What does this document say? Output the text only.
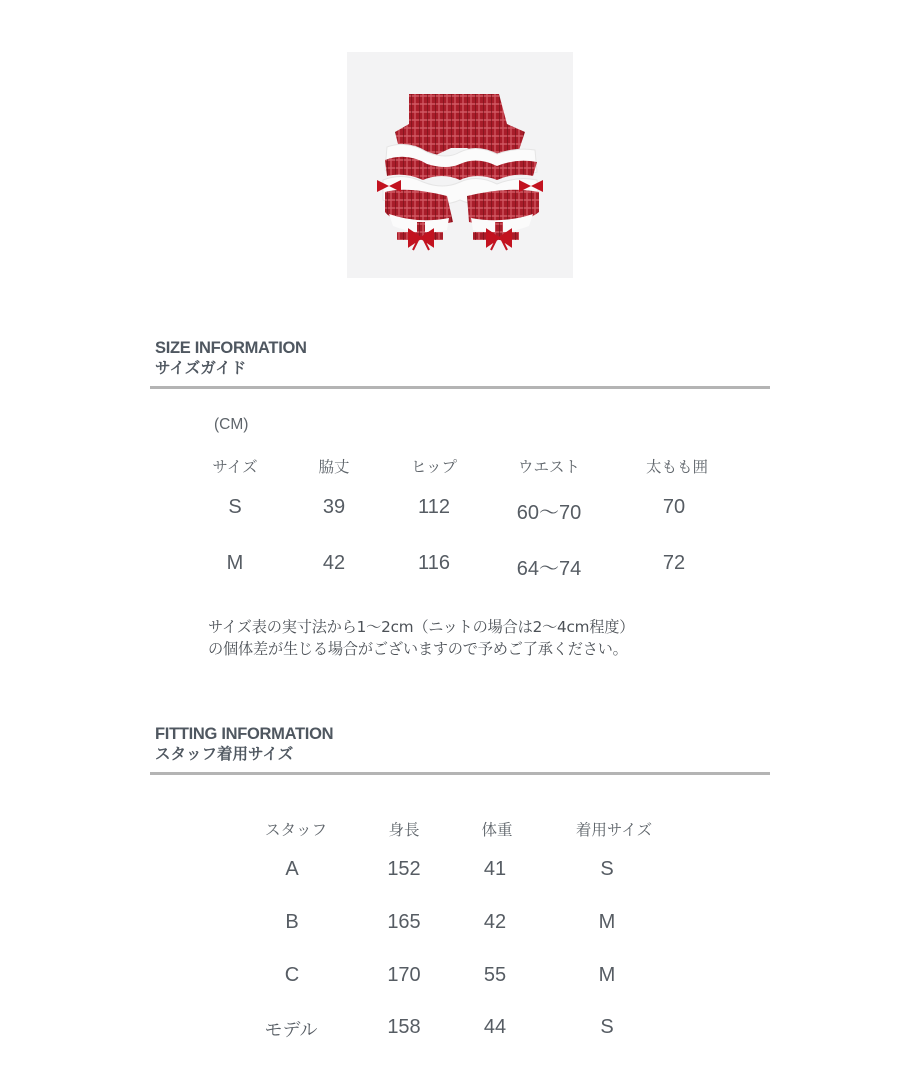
SIZE INFORMATION
サイズガイド
(CM)
サイズ	脇丈	ヒップ	ウエスト	太もも囲
S	39	112	60〜70	70
M	42	116	64〜74	72
サイズ表の実寸法から1〜2cm（ニットの場合は2〜4cm程度）
の個体差が生じる場合がございますので予めご了承ください。
FITTING INFORMATION
スタッフ着用サイズ
スタッフ	身長	体重	着用サイズ
A	152	41	S
B	165	42	M
C	170	55	M
モデル	158	44	S
